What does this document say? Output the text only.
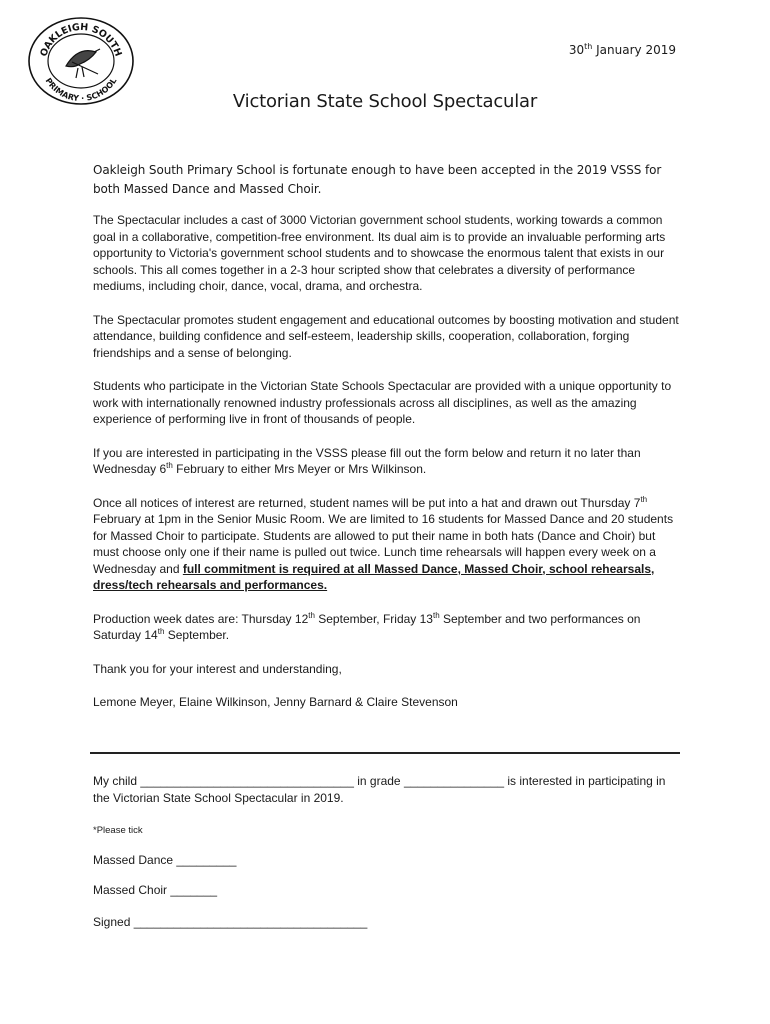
OAKLEIGH SOUTH
PRIMARY · SCHOOL
30th January 2019
Victorian State School Spectacular

Oakleigh South Primary School is fortunate enough to have been accepted in the 2019 VSSS for both Massed Dance and Massed Choir.

The Spectacular includes a cast of 3000 Victorian government school students, working towards a common goal in a collaborative, competition-free environment. Its dual aim is to provide an invaluable performing arts opportunity to Victoria's government school students and to showcase the enormous talent that exists in our schools. This all comes together in a 2-3 hour scripted show that celebrates a diversity of performance mediums, including choir, dance, vocal, drama, and orchestra.

The Spectacular promotes student engagement and educational outcomes by boosting motivation and student attendance, building confidence and self-esteem, leadership skills, cooperation, collaboration, forging friendships and a sense of belonging.

Students who participate in the Victorian State Schools Spectacular are provided with a unique opportunity to work with internationally renowned industry professionals across all disciplines, as well as the amazing experience of performing live in front of thousands of people.

If you are interested in participating in the VSSS please fill out the form below and return it no later than Wednesday 6th February to either Mrs Meyer or Mrs Wilkinson.

Once all notices of interest are returned, student names will be put into a hat and drawn out Thursday 7th February at 1pm in the Senior Music Room. We are limited to 16 students for Massed Dance and 20 students for Massed Choir to participate. Students are allowed to put their name in both hats (Dance and Choir) but must choose only one if their name is pulled out twice. Lunch time rehearsals will happen every week on a Wednesday and full commitment is required at all Massed Dance, Massed Choir, school rehearsals, dress/tech rehearsals and performances.

Production week dates are: Thursday 12th September, Friday 13th September and two performances on Saturday 14th September.

Thank you for your interest and understanding,

Lemone Meyer, Elaine Wilkinson, Jenny Barnard & Claire Stevenson

My child ________________________________ in grade _______________ is interested in participating in the Victorian State School Spectacular in 2019.

*Please tick
Massed Dance _________
Massed Choir _______
Signed ___________________________________
